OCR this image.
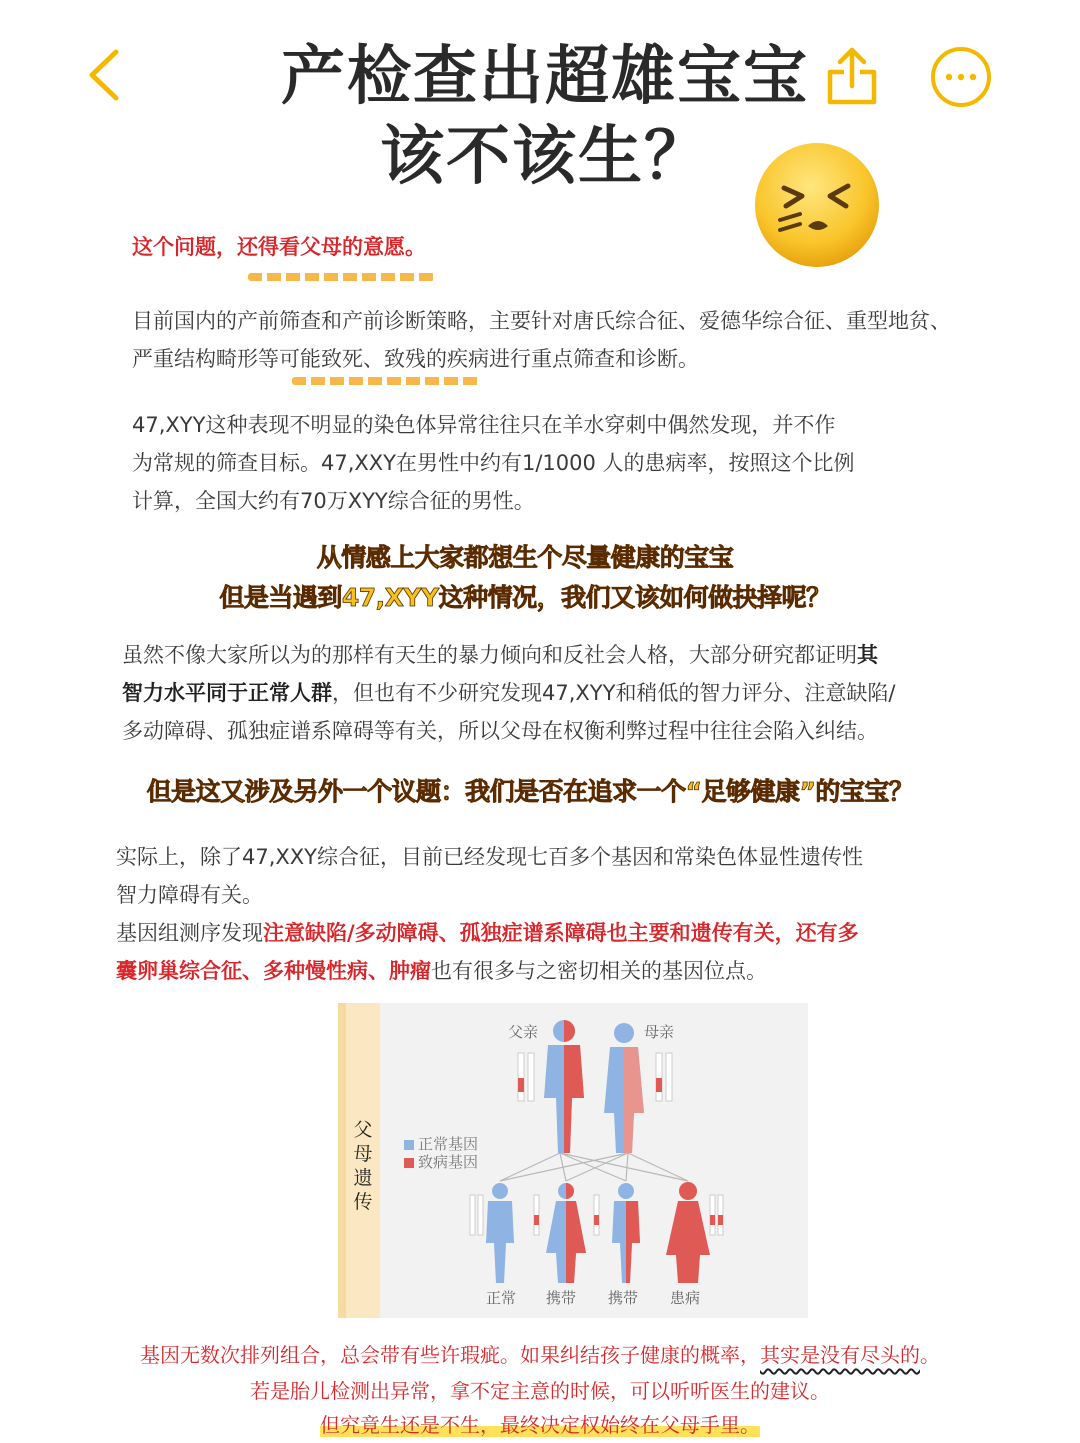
产检查出超雄宝宝
该不该生？
这个问题，还得看父母的意愿。
目前国内的产前筛查和产前诊断策略，主要针对唐氏综合征、爱德华综合征、重型地贫、
严重结构畸形等可能致死、致残的疾病进行重点筛查和诊断。
47,XYY这种表现不明显的染色体异常往往只在羊水穿刺中偶然发现，并不作
为常规的筛查目标。47,XXY在男性中约有1/1000 人的患病率，按照这个比例
计算，全国大约有70万XYY综合征的男性。
从情感上大家都想生个尽量健康的宝宝
但是当遇到47,XYY这种情况，我们又该如何做抉择呢？
虽然不像大家所以为的那样有天生的暴力倾向和反社会人格，大部分研究都证明其
智力水平同于正常人群，但也有不少研究发现47,XYY和稍低的智力评分、注意缺陷/
多动障碍、孤独症谱系障碍等有关，所以父母在权衡利弊过程中往往会陷入纠结。
但是这又涉及另外一个议题：我们是否在追求一个“足够健康”的宝宝？
实际上，除了47,XXY综合征，目前已经发现七百多个基因和常染色体显性遗传性
智力障碍有关。
基因组测序发现注意缺陷/多动障碍、孤独症谱系障碍也主要和遗传有关，还有多
囊卵巢综合征、多种慢性病、肿瘤也有很多与之密切相关的基因位点。
父母遗传
父亲	母亲
正常基因
致病基因
正常 携带 携带 患病
基因无数次排列组合，总会带有些许瑕疵。如果纠结孩子健康的概率，其实是没有尽头的。
若是胎儿检测出异常，拿不定主意的时候，可以听听医生的建议。
但究竟生还是不生，最终决定权始终在父母手里。
